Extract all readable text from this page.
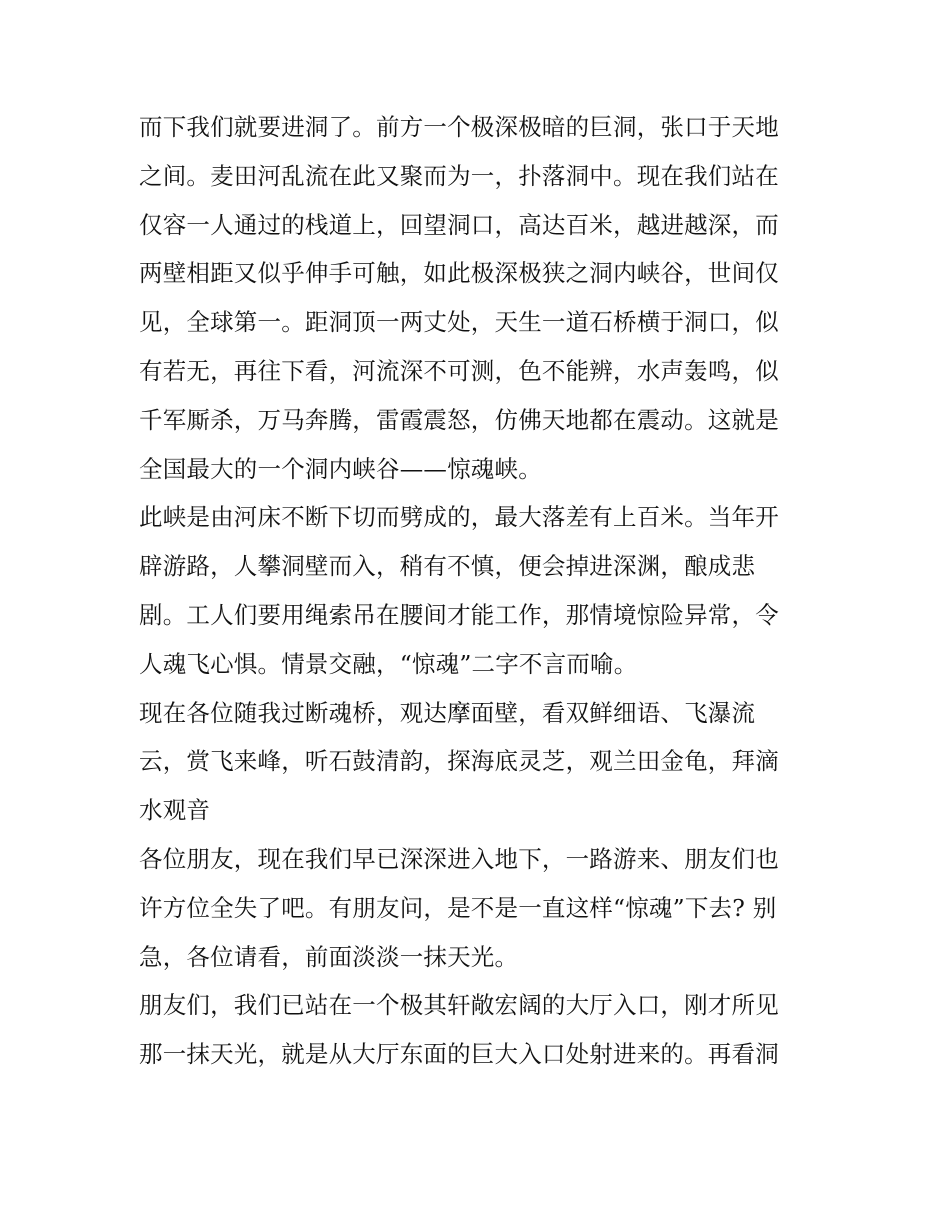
而下我们就要进洞了。前方一个极深极暗的巨洞，张口于天地
之间。麦田河乱流在此又聚而为一，扑落洞中。现在我们站在
仅容一人通过的栈道上，回望洞口，高达百米，越进越深，而
两壁相距又似乎伸手可触，如此极深极狭之洞内峡谷，世间仅
见，全球第一。距洞顶一两丈处，天生一道石桥横于洞口，似
有若无，再往下看，河流深不可测，色不能辨，水声轰鸣，似
千军厮杀，万马奔腾，雷霞震怒，仿佛天地都在震动。这就是
全国最大的一个洞内峡谷——惊魂峡。
此峡是由河床不断下切而劈成的，最大落差有上百米。当年开
辟游路，人攀洞壁而入，稍有不慎，便会掉进深渊，酿成悲
剧。工人们要用绳索吊在腰间才能工作，那情境惊险异常，令
人魂飞心惧。情景交融，“惊魂”二字不言而喻。
现在各位随我过断魂桥，观达摩面壁，看双鲜细语、飞瀑流
云，赏飞来峰，听石鼓清韵，探海底灵芝，观兰田金龟，拜滴
水观音
各位朋友，现在我们早已深深进入地下，一路游来、朋友们也
许方位全失了吧。有朋友问，是不是一直这样“惊魂”下去? 别
急，各位请看，前面淡淡一抹天光。
朋友们，我们已站在一个极其轩敞宏阔的大厅入口，刚才所见
那一抹天光，就是从大厅东面的巨大入口处射进来的。再看洞
